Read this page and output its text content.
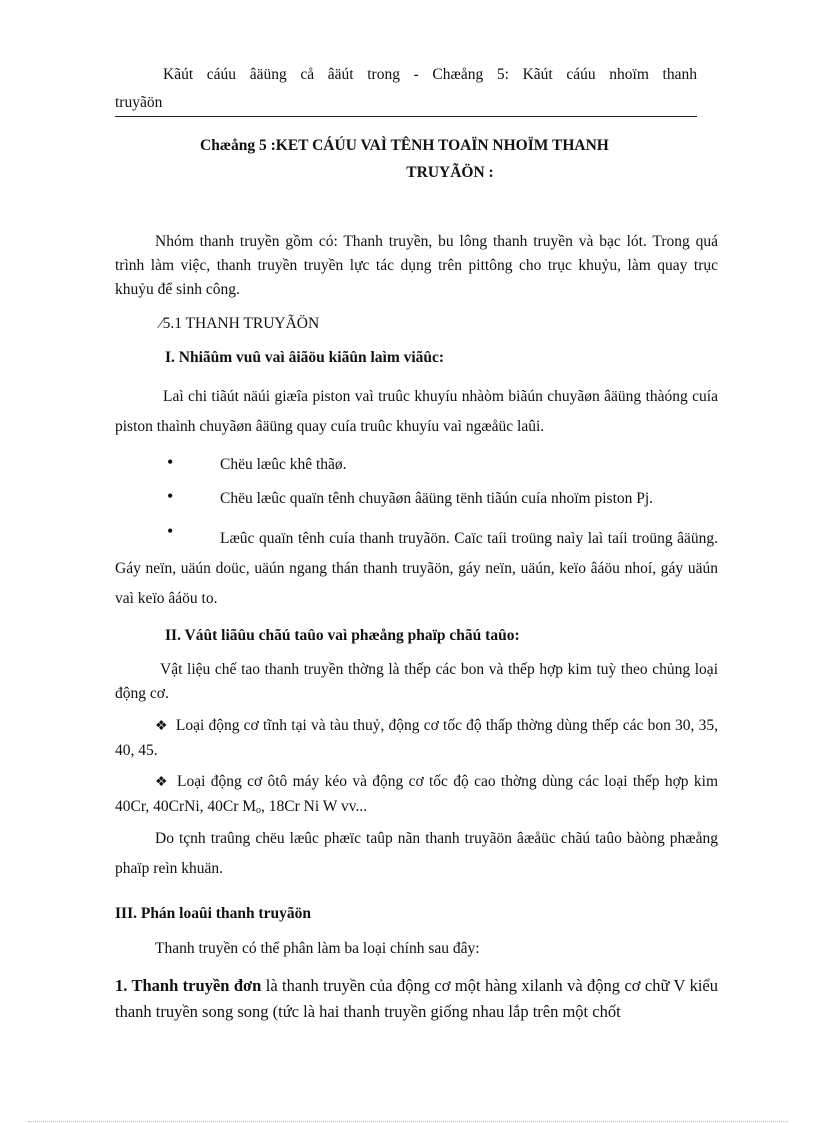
Kãút cáúu âäüng cå âäút trong - Chæång 5: Kãút cáúu nhoïm thanh
truyãön
Chæång 5 :KET CÁÚU VAÌ TÊNH TOAÏN NHOÏM THANH
TRUYÃÖN :
Nhóm thanh truyền gồm có: Thanh truyền, bu lông thanh truyền và bạc lót. Trong quá trình làm việc, thanh truyền truyền lực tác dụng trên pittông cho trục khuỷu, làm quay trục khuỷu để sinh công.
⁄5.1 THANH TRUYÃÖN
I. Nhiãûm vuû vaì âiãöu kiãûn laìm viãûc:
Laì chi tiãút näúi giæîa piston vaì truûc khuyíu nhàòm biãún chuyãøn âäüng thàóng cuía piston thaình chuyãøn âäüng quay cuía truûc khuyíu vaì ngæåüc laûi.
•	Chëu læûc khê thãø.
•	Chëu læûc quaïn tênh chuyãøn âäüng tënh tiãún cuía nhoïm piston Pj.
•	Læûc quaïn tênh cuía thanh truyãön. Caïc taíi troüng naìy laì taíi troüng âäüng. Gáy neïn, uäún doüc, uäún ngang thán thanh truyãön, gáy neïn, uäún, keïo âáöu nhoí, gáy uäún vaì keïo âáöu to.
II. Váût liãûu chãú taûo vaì phæång phaïp chãú taûo:
Vật liệu chế tao thanh truyền thờng là thếp các bon và thếp hợp kim tuỳ theo chủng loại động cơ.
❖ Loại động cơ tĩnh tại và tàu thuỷ, động cơ tốc độ thấp thờng dùng thếp các bon 30, 35, 40, 45.
❖ Loại động cơ ôtô máy kéo và động cơ tốc độ cao thờng dùng các loại thếp hợp kim 40Cr, 40CrNi, 40Cr $M_o$, 18Cr Ni W vv...
Do tçnh traûng chëu læûc phæïc taûp nãn thanh truyãön âæåüc chãú taûo bàòng phæång phaïp reìn khuän.
III. Phán loaûi thanh truyãön
Thanh truyền có thể phân làm ba loại chính sau đây:
1. Thanh truyền đơn là thanh truyền của động cơ một hàng xilanh và động cơ chữ V kiểu thanh truyền song song (tức là hai thanh truyền giống nhau lắp trên một chốt
